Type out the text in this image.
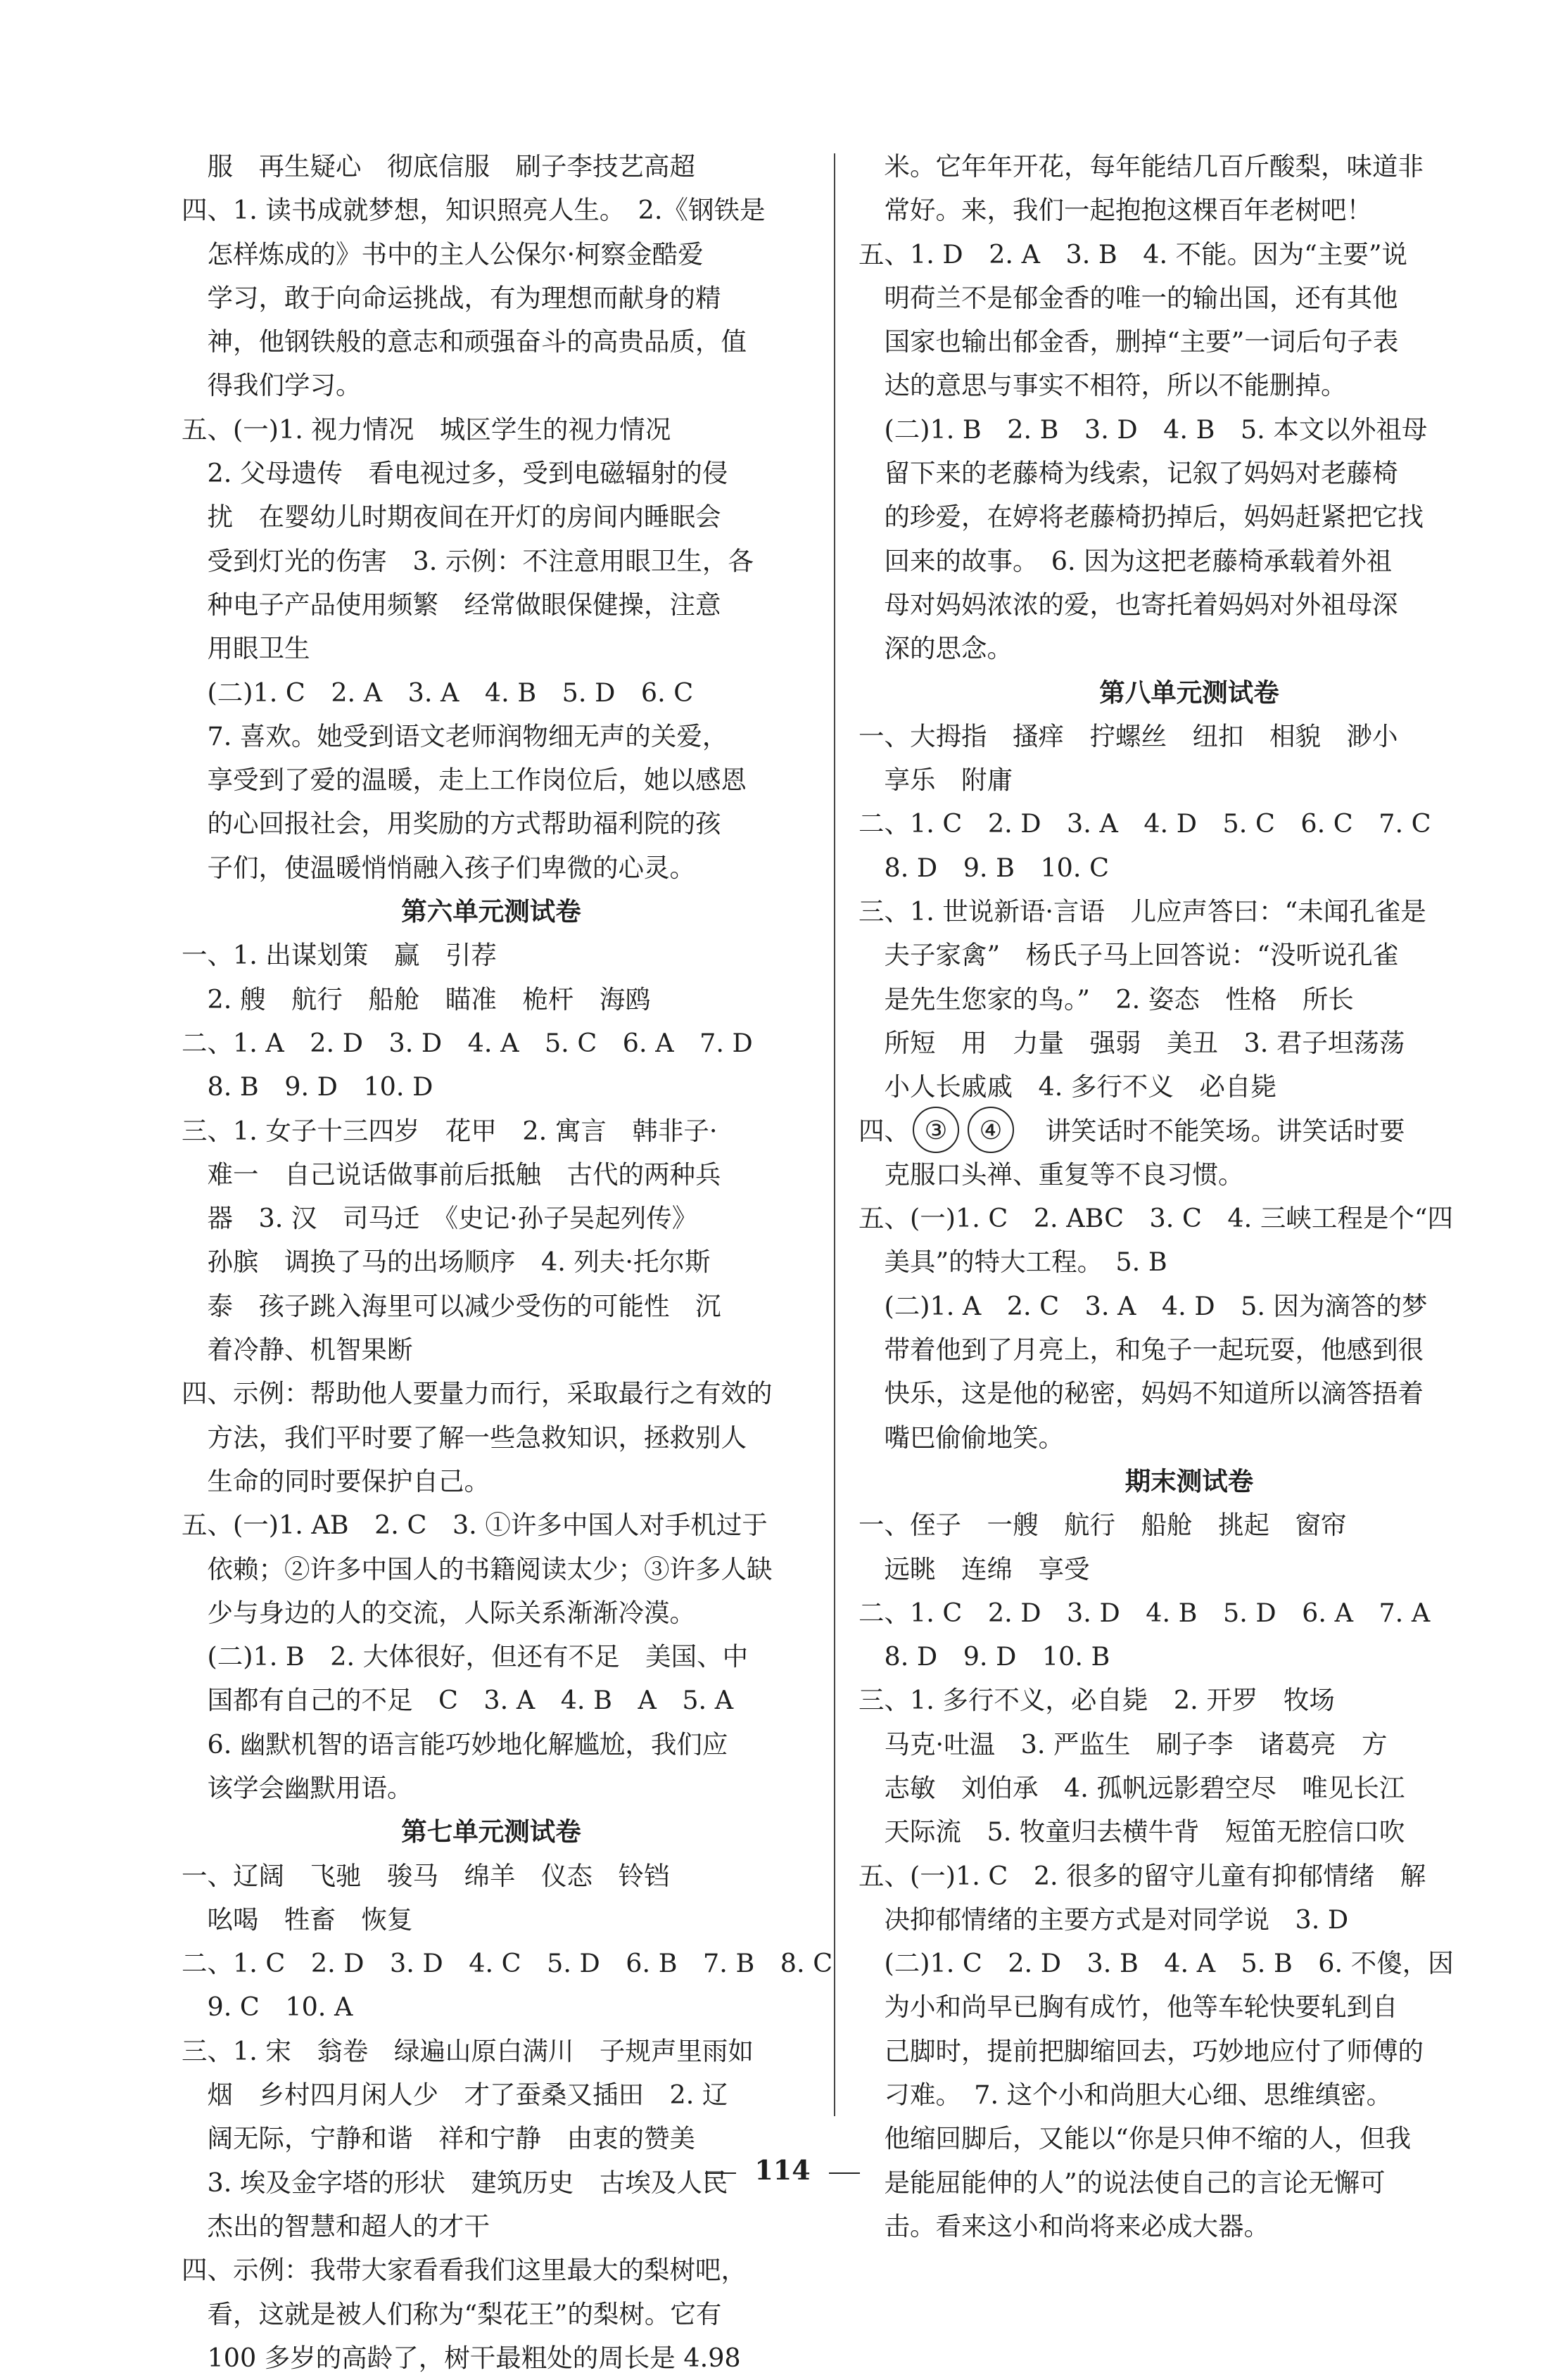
　服　再生疑心　彻底信服　刷子李技艺高超
四、1. 读书成就梦想，知识照亮人生。　2.《钢铁是
　怎样炼成的》书中的主人公保尔·柯察金酷爱
　学习，敢于向命运挑战，有为理想而献身的精
　神，他钢铁般的意志和顽强奋斗的高贵品质，值
　得我们学习。
五、(一)1. 视力情况　城区学生的视力情况
　2. 父母遗传　看电视过多，受到电磁辐射的侵
　扰　在婴幼儿时期夜间在开灯的房间内睡眠会
　受到灯光的伤害　3. 示例：不注意用眼卫生，各
　种电子产品使用频繁　经常做眼保健操，注意
　用眼卫生
　(二)1. C　2. A　3. A　4. B　5. D　6. C
　7. 喜欢。她受到语文老师润物细无声的关爱，
　享受到了爱的温暖，走上工作岗位后，她以感恩
　的心回报社会，用奖励的方式帮助福利院的孩
　子们，使温暖悄悄融入孩子们卑微的心灵。
第六单元测试卷
一、1. 出谋划策　赢　引荐
　2. 艘　航行　船舱　瞄准　桅杆　海鸥
二、1. A　2. D　3. D　4. A　5. C　6. A　7. D
　8. B　9. D　10. D
三、1. 女子十三四岁　花甲　2. 寓言　韩非子·
　难一　自己说话做事前后抵触　古代的两种兵
　器　3. 汉　司马迁　《史记·孙子吴起列传》
　孙膑　调换了马的出场顺序　4. 列夫·托尔斯
　泰　孩子跳入海里可以减少受伤的可能性　沉
　着冷静、机智果断
四、示例：帮助他人要量力而行，采取最行之有效的
　方法，我们平时要了解一些急救知识，拯救别人
　生命的同时要保护自己。
五、(一)1. AB　2. C　3. ①许多中国人对手机过于
　依赖；②许多中国人的书籍阅读太少；③许多人缺
　少与身边的人的交流，人际关系渐渐冷漠。
　(二)1. B　2. 大体很好，但还有不足　美国、中
　国都有自己的不足　C　3. A　4. B　A　5. A
　6. 幽默机智的语言能巧妙地化解尴尬，我们应
　该学会幽默用语。
第七单元测试卷
一、辽阔　飞驰　骏马　绵羊　仪态　铃铛
　吆喝　牲畜　恢复
二、1. C　2. D　3. D　4. C　5. D　6. B　7. B　8. C
　9. C　10. A
三、1. 宋　翁卷　绿遍山原白满川　子规声里雨如
　烟　乡村四月闲人少　才了蚕桑又插田　2. 辽
　阔无际，宁静和谐　祥和宁静　由衷的赞美
　3. 埃及金字塔的形状　建筑历史　古埃及人民
　杰出的智慧和超人的才干
四、示例：我带大家看看我们这里最大的梨树吧，
　看，这就是被人们称为“梨花王”的梨树。它有
　100 多岁的高龄了，树干最粗处的周长是 4.98
　米。它年年开花，每年能结几百斤酸梨，味道非
　常好。来，我们一起抱抱这棵百年老树吧！
五、1. D　2. A　3. B　4. 不能。因为“主要”说
　明荷兰不是郁金香的唯一的输出国，还有其他
　国家也输出郁金香，删掉“主要”一词后句子表
　达的意思与事实不相符，所以不能删掉。
　(二)1. B　2. B　3. D　4. B　5. 本文以外祖母
　留下来的老藤椅为线索，记叙了妈妈对老藤椅
　的珍爱，在婷将老藤椅扔掉后，妈妈赶紧把它找
　回来的故事。　6. 因为这把老藤椅承载着外祖
　母对妈妈浓浓的爱，也寄托着妈妈对外祖母深
　深的思念。
第八单元测试卷
一、大拇指　搔痒　拧螺丝　纽扣　相貌　渺小
　享乐　附庸
二、1. C　2. D　3. A　4. D　5. C　6. C　7. C
　8. D　9. B　10. C
三、1. 世说新语·言语　儿应声答曰：“未闻孔雀是
　夫子家禽”　杨氏子马上回答说：“没听说孔雀
　是先生您家的鸟。”　2. 姿态　性格　所长
　所短　用　力量　强弱　美丑　3. 君子坦荡荡
　小人长戚戚　4. 多行不义　必自毙
四、 ③ ④　讲笑话时不能笑场。讲笑话时要
　克服口头禅、重复等不良习惯。
五、(一)1. C　2. ABC　3. C　4. 三峡工程是个“四
　美具”的特大工程。　5. B
　(二)1. A　2. C　3. A　4. D　5. 因为滴答的梦
　带着他到了月亮上，和兔子一起玩耍，他感到很
　快乐，这是他的秘密，妈妈不知道所以滴答捂着
　嘴巴偷偷地笑。
期末测试卷
一、侄子　一艘　航行　船舱　挑起　窗帘
　远眺　连绵　享受
二、1. C　2. D　3. D　4. B　5. D　6. A　7. A
　8. D　9. D　10. B
三、1. 多行不义，必自毙　2. 开罗　牧场
　马克·吐温　3. 严监生　刷子李　诸葛亮　方
　志敏　刘伯承　4. 孤帆远影碧空尽　唯见长江
　天际流　5. 牧童归去横牛背　短笛无腔信口吹
五、(一)1. C　2. 很多的留守儿童有抑郁情绪　解
　决抑郁情绪的主要方式是对同学说　3. D
　(二)1. C　2. D　3. B　4. A　5. B　6. 不傻，因
　为小和尚早已胸有成竹，他等车轮快要轧到自
　己脚时，提前把脚缩回去，巧妙地应付了师傅的
　刁难。　7. 这个小和尚胆大心细、思维缜密。
　他缩回脚后，又能以“你是只伸不缩的人，但我
　是能屈能伸的人”的说法使自己的言论无懈可
　击。看来这小和尚将来必成大器。
114
